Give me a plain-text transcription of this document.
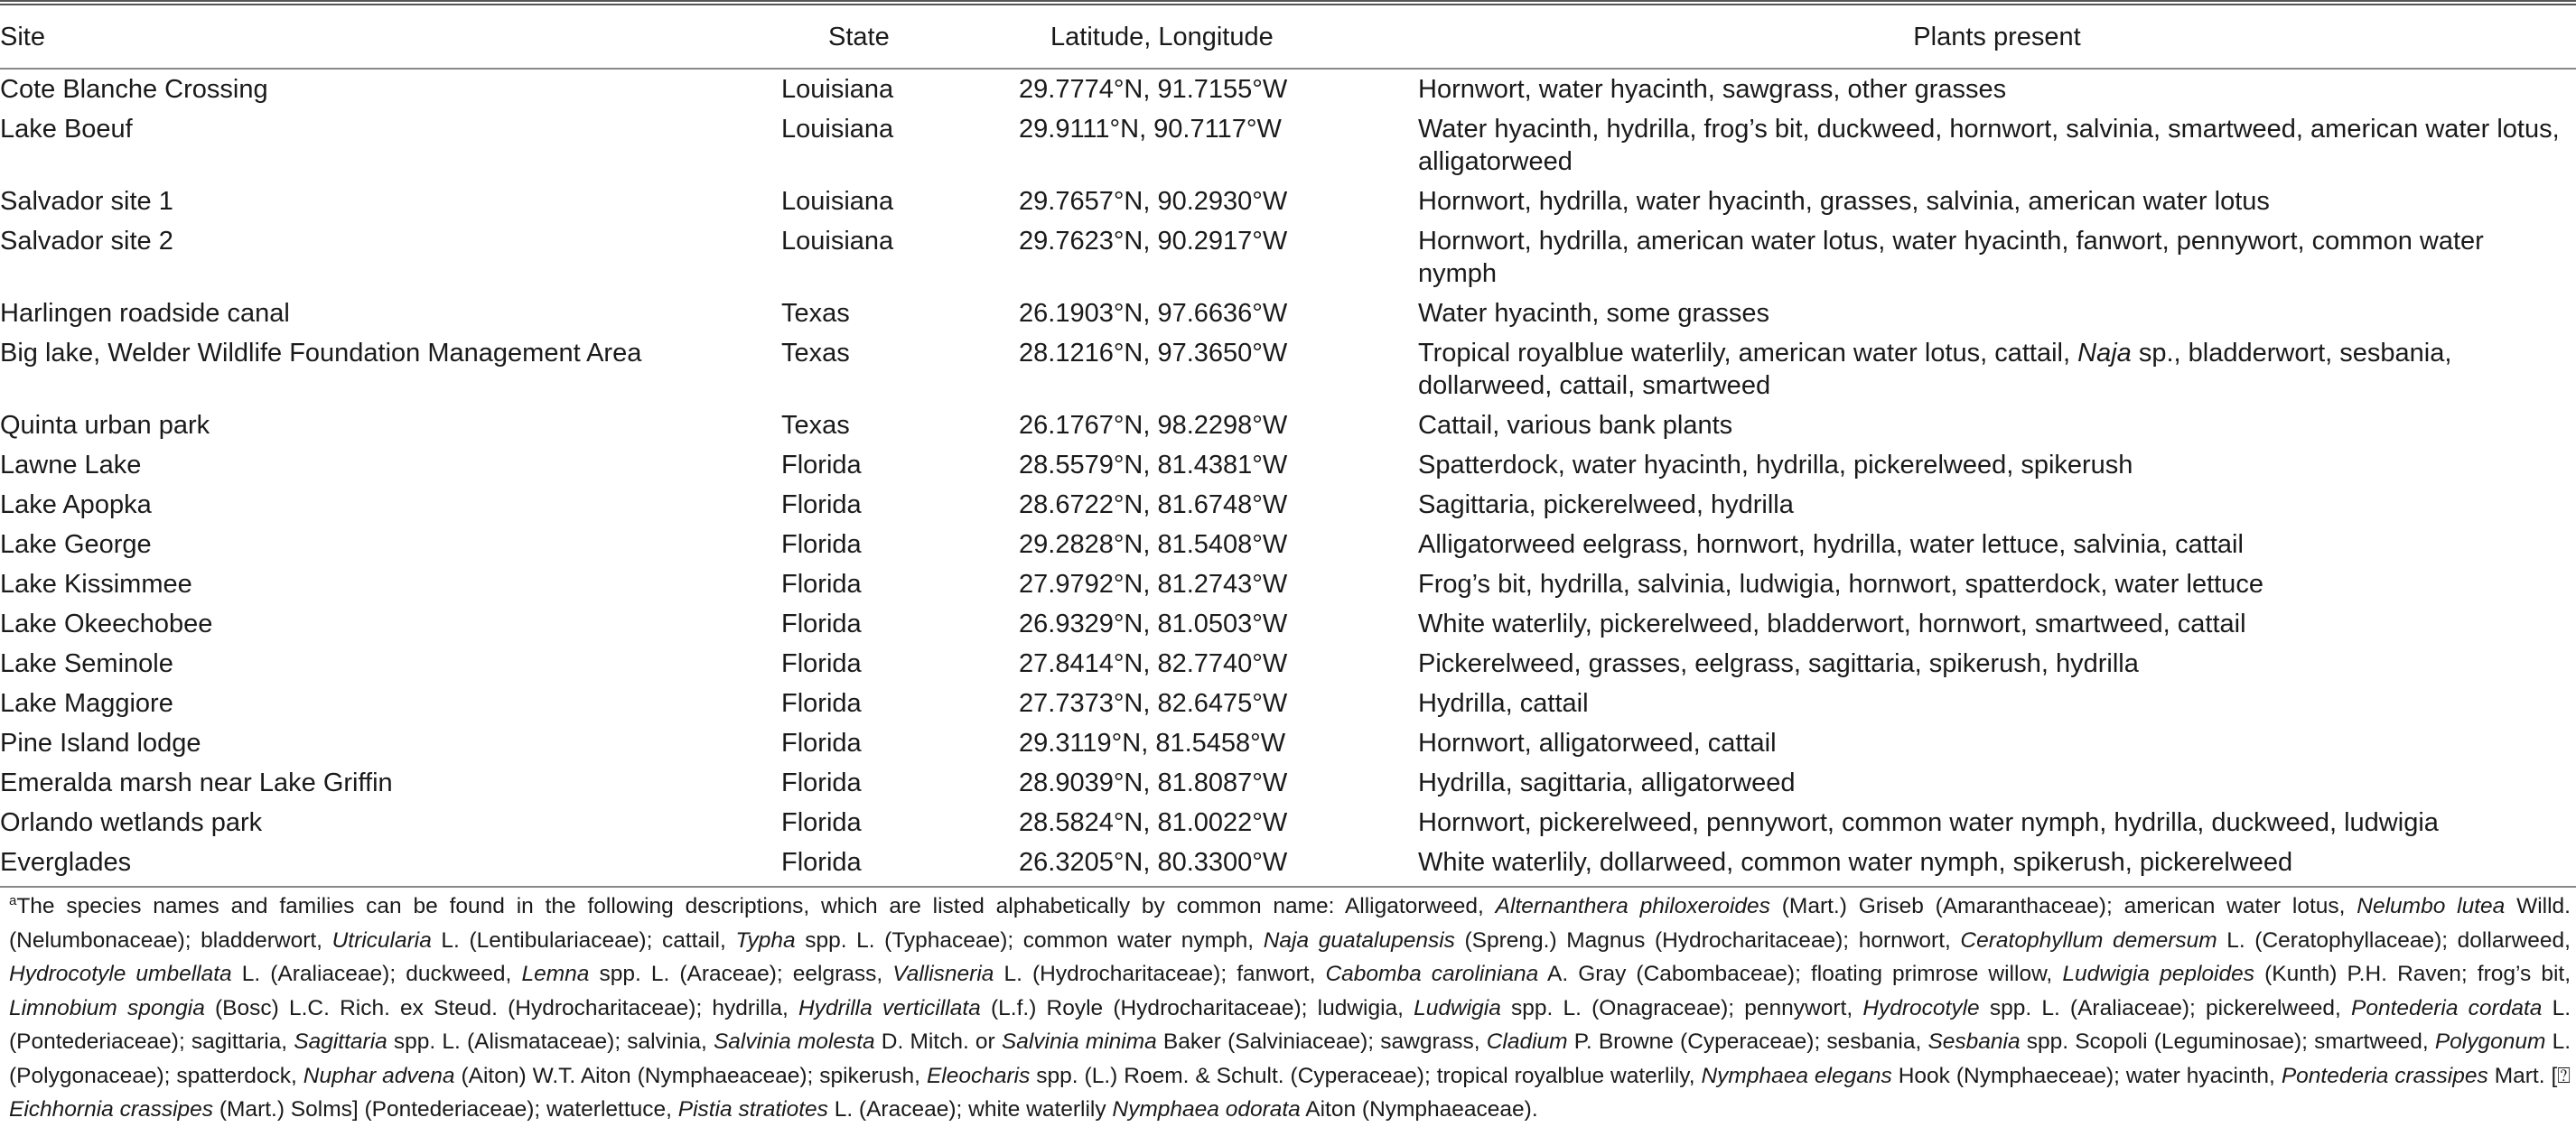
Site	State	Latitude, Longitude	Plants present
Cote Blanche Crossing	Louisiana	29.7774°N, 91.7155°W	Hornwort, water hyacinth, sawgrass, other grasses
Lake Boeuf	Louisiana	29.9111°N, 90.7117°W	Water hyacinth, hydrilla, frog’s bit, duckweed, hornwort, salvinia, smartweed, american water lotus, alligatorweed
Salvador site 1	Louisiana	29.7657°N, 90.2930°W	Hornwort, hydrilla, water hyacinth, grasses, salvinia, american water lotus
Salvador site 2	Louisiana	29.7623°N, 90.2917°W	Hornwort, hydrilla, american water lotus, water hyacinth, fanwort, pennywort, common water nymph
Harlingen roadside canal	Texas	26.1903°N, 97.6636°W	Water hyacinth, some grasses
Big lake, Welder Wildlife Foundation Management Area	Texas	28.1216°N, 97.3650°W	Tropical royalblue waterlily, american water lotus, cattail, Naja sp., bladderwort, sesbania, dollarweed, cattail, smartweed
Quinta urban park	Texas	26.1767°N, 98.2298°W	Cattail, various bank plants
Lawne Lake	Florida	28.5579°N, 81.4381°W	Spatterdock, water hyacinth, hydrilla, pickerelweed, spikerush
Lake Apopka	Florida	28.6722°N, 81.6748°W	Sagittaria, pickerelweed, hydrilla
Lake George	Florida	29.2828°N, 81.5408°W	Alligatorweed eelgrass, hornwort, hydrilla, water lettuce, salvinia, cattail
Lake Kissimmee	Florida	27.9792°N, 81.2743°W	Frog’s bit, hydrilla, salvinia, ludwigia, hornwort, spatterdock, water lettuce
Lake Okeechobee	Florida	26.9329°N, 81.0503°W	White waterlily, pickerelweed, bladderwort, hornwort, smartweed, cattail
Lake Seminole	Florida	27.8414°N, 82.7740°W	Pickerelweed, grasses, eelgrass, sagittaria, spikerush, hydrilla
Lake Maggiore	Florida	27.7373°N, 82.6475°W	Hydrilla, cattail
Pine Island lodge	Florida	29.3119°N, 81.5458°W	Hornwort, alligatorweed, cattail
Emeralda marsh near Lake Griffin	Florida	28.9039°N, 81.8087°W	Hydrilla, sagittaria, alligatorweed
Orlando wetlands park	Florida	28.5824°N, 81.0022°W	Hornwort, pickerelweed, pennywort, common water nymph, hydrilla, duckweed, ludwigia
Everglades	Florida	26.3205°N, 80.3300°W	White waterlily, dollarweed, common water nymph, spikerush, pickerelweed
$^a$The species names and families can be found in the following descriptions, which are listed alphabetically by common name: Alligatorweed, Alternanthera philoxeroides (Mart.) Griseb (Amaranthaceae); american water lotus, Nelumbo lutea Willd. (Nelumbonaceae); bladderwort, Utricularia L. (Lentibulariaceae); cattail, Typha spp. L. (Typhaceae); common water nymph, Naja guatalupensis (Spreng.) Magnus (Hydrocharitaceae); hornwort, Ceratophyllum demersum L. (Ceratophyllaceae); dollarweed, Hydrocotyle umbellata L. (Araliaceae); duckweed, Lemna spp. L. (Araceae); eelgrass, Vallisneria L. (Hydrocharitaceae); fanwort, Cabomba caroliniana A. Gray (Cabombaceae); floating primrose willow, Ludwigia peploides (Kunth) P.H. Raven; frog’s bit, Limnobium spongia (Bosc) L.C. Rich. ex Steud. (Hydrocharitaceae); hydrilla, Hydrilla verticillata (L.f.) Royle (Hydrocharitaceae); ludwigia, Ludwigia spp. L. (Onagraceae); pennywort, Hydrocotyle spp. L. (Araliaceae); pickerelweed, Pontederia cordata L. (Pontederiaceae); sagittaria, Sagittaria spp. L. (Alismataceae); salvinia, Salvinia molesta D. Mitch. or Salvinia minima Baker (Salviniaceae); sawgrass, Cladium P. Browne (Cyperaceae); sesbania, Sesbania spp. Scopoli (Leguminosae); smartweed, Polygonum L. (Polygonaceae); spatterdock, Nuphar advena (Aiton) W.T. Aiton (Nymphaeaceae); spikerush, Eleocharis spp. (L.) Roem. & Schult. (Cyperaceae); tropical royalblue waterlily, Nymphaea elegans Hook (Nymphaeceae); water hyacinth, Pontederia crassipes Mart. [⍰ Eichhornia crassipes (Mart.) Solms] (Pontederiaceae); waterlettuce, Pistia stratiotes L. (Araceae); white waterlily Nymphaea odorata Aiton (Nymphaeaceae).
